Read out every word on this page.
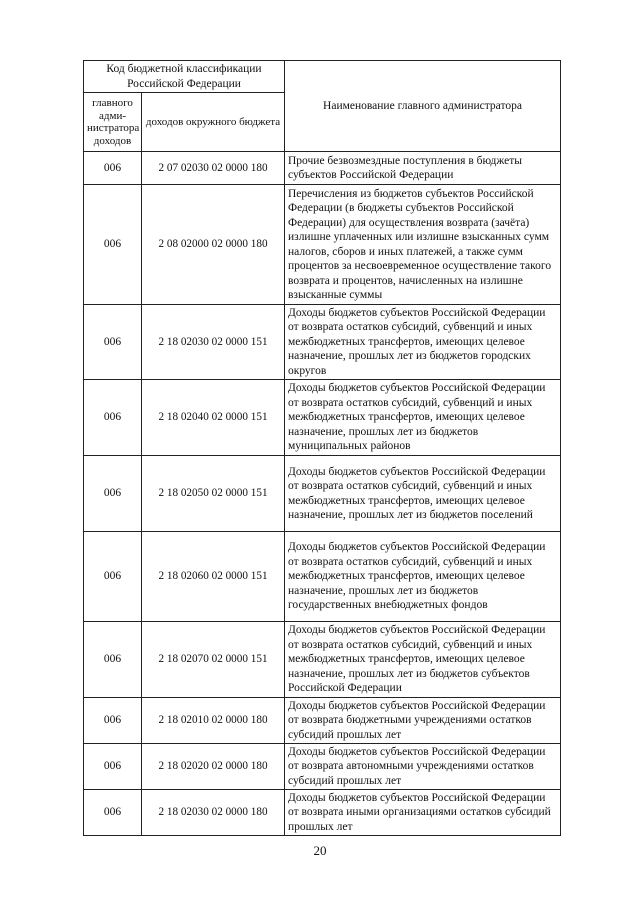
Код бюджетной классификации Российской Федерации		Наименование главного администратора
главного адми-нистратора доходов	доходов окружного бюджета	
006	2 07 02030 02 0000 180	Прочие безвозмездные поступления в бюджеты субъектов Российской Федерации
006	2 08 02000 02 0000 180	Перечисления из бюджетов субъектов Российской Федерации (в бюджеты субъектов Российской Федерации) для осуществления возврата (зачёта) излишне уплаченных или излишне взысканных сумм налогов, сборов и иных платежей, а также сумм процентов за несвоевременное осуществление такого возврата и процентов, начисленных на излишне взысканные суммы
006	2 18 02030 02 0000 151	Доходы бюджетов субъектов Российской Федерации от возврата остатков субсидий, субвенций и иных межбюджетных трансфертов, имеющих целевое назначение, прошлых лет из бюджетов городских округов
006	2 18 02040 02 0000 151	Доходы бюджетов субъектов Российской Федерации от возврата остатков субсидий, субвенций и иных межбюджетных трансфертов, имеющих целевое назначение, прошлых лет из бюджетов муниципальных районов
006	2 18 02050 02 0000 151	Доходы бюджетов субъектов Российской Федерации от возврата остатков субсидий, субвенций и иных межбюджетных трансфертов, имеющих целевое назначение, прошлых лет из бюджетов поселений
006	2 18 02060 02 0000 151	Доходы бюджетов субъектов Российской Федерации от возврата остатков субсидий, субвенций и иных межбюджетных трансфертов, имеющих целевое назначение, прошлых лет из бюджетов государственных внебюджетных фондов
006	2 18 02070 02 0000 151	Доходы бюджетов субъектов Российской Федерации от возврата остатков субсидий, субвенций и иных межбюджетных трансфертов, имеющих целевое назначение, прошлых лет из бюджетов субъектов Российской Федерации
006	2 18 02010 02 0000 180	Доходы бюджетов субъектов Российской Федерации от возврата бюджетными учреждениями остатков субсидий прошлых лет
006	2 18 02020 02 0000 180	Доходы бюджетов субъектов Российской Федерации от возврата автономными учреждениями остатков субсидий прошлых лет
006	2 18 02030 02 0000 180	Доходы бюджетов субъектов Российской Федерации от возврата иными организациями остатков субсидий прошлых лет
20
